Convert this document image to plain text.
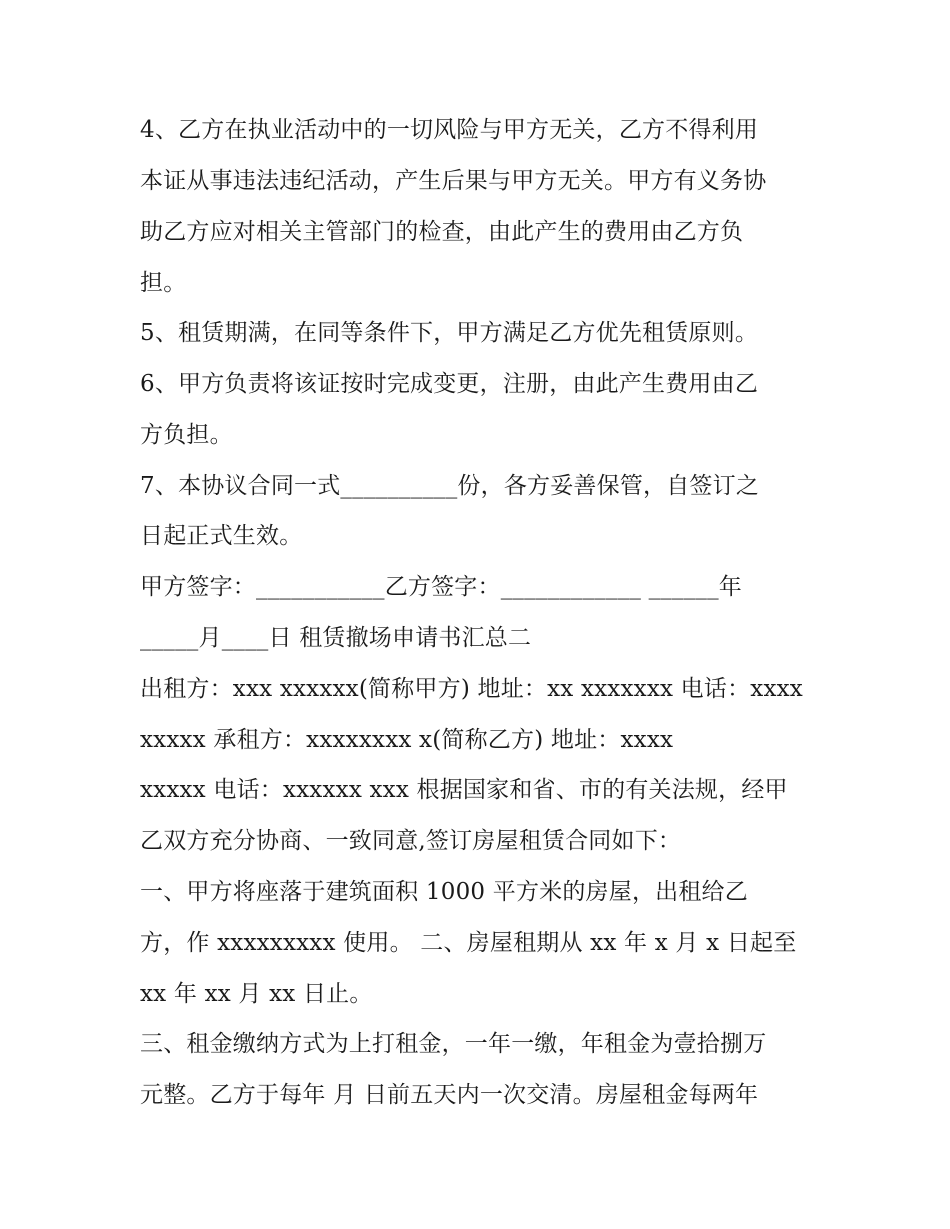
4、乙方在执业活动中的一切风险与甲方无关，乙方不得利用
本证从事违法违纪活动，产生后果与甲方无关。甲方有义务协
助乙方应对相关主管部门的检查，由此产生的费用由乙方负
担。
5、租赁期满，在同等条件下，甲方满足乙方优先租赁原则。
6、甲方负责将该证按时完成变更，注册，由此产生费用由乙
方负担。
7、本协议合同一式__________份，各方妥善保管，自签订之
日起正式生效。
甲方签字：___________乙方签字：____________ ______年
_____月____日 租赁撤场申请书汇总二
出租方：xxx xxxxxx(简称甲方) 地址：xx xxxxxxx 电话：xxxx
xxxxx 承租方：xxxxxxxx x(简称乙方) 地址：xxxx
xxxxx 电话：xxxxxx xxx 根据国家和省、市的有关法规，经甲
乙双方充分协商、一致同意,签订房屋租赁合同如下：
一、甲方将座落于建筑面积 1000 平方米的房屋，出租给乙
方，作 xxxxxxxxx 使用。 二、房屋租期从 xx 年 x 月 x 日起至
xx 年 xx 月 xx 日止。
三、租金缴纳方式为上打租金，一年一缴，年租金为壹拾捌万
元整。乙方于每年 月 日前五天内一次交清。房屋租金每两年
